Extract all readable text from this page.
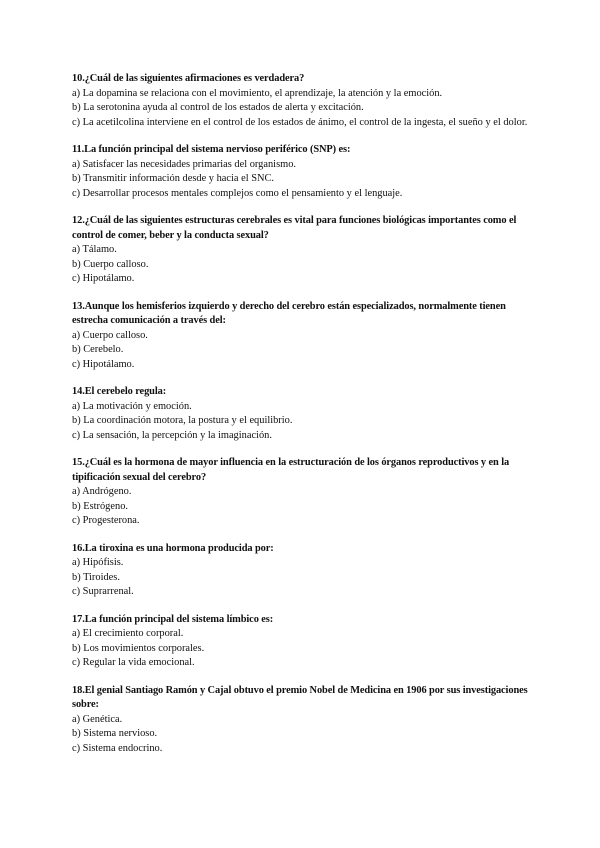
10.¿Cuál de las siguientes afirmaciones es verdadera?
a) La dopamina se relaciona con el movimiento, el aprendizaje, la atención y la emoción.
b) La serotonina ayuda al control de los estados de alerta y excitación.
c) La acetilcolina interviene en el control de los estados de ánimo, el control de la ingesta, el sueño y el dolor.
11.La función principal del sistema nervioso periférico (SNP) es:
a) Satisfacer las necesidades primarias del organismo.
b) Transmitir información desde y hacia el SNC.
c) Desarrollar procesos mentales complejos como el pensamiento y el lenguaje.
12.¿Cuál de las siguientes estructuras cerebrales es vital para funciones biológicas importantes como el control de comer, beber y la conducta sexual?
a) Tálamo.
b) Cuerpo calloso.
c) Hipotálamo.
13.Aunque los hemisferios izquierdo y derecho del cerebro están especializados, normalmente tienen estrecha comunicación a través del:
a) Cuerpo calloso.
b) Cerebelo.
c) Hipotálamo.
14.El cerebelo regula:
a) La motivación y emoción.
b) La coordinación motora, la postura y el equilibrio.
c) La sensación, la percepción y la imaginación.
15.¿Cuál es la hormona de mayor influencia en la estructuración de los órganos reproductivos y en la tipificación sexual del cerebro?
a) Andrógeno.
b) Estrógeno.
c) Progesterona.
16.La tiroxina es una hormona producida por:
a) Hipófisis.
b) Tiroides.
c) Suprarrenal.
17.La función principal del sistema límbico es:
a) El crecimiento corporal.
b) Los movimientos corporales.
c) Regular la vida emocional.
18.El genial Santiago Ramón y Cajal obtuvo el premio Nobel de Medicina en 1906 por sus investigaciones sobre:
a) Genética.
b) Sistema nervioso.
c) Sistema endocrino.
